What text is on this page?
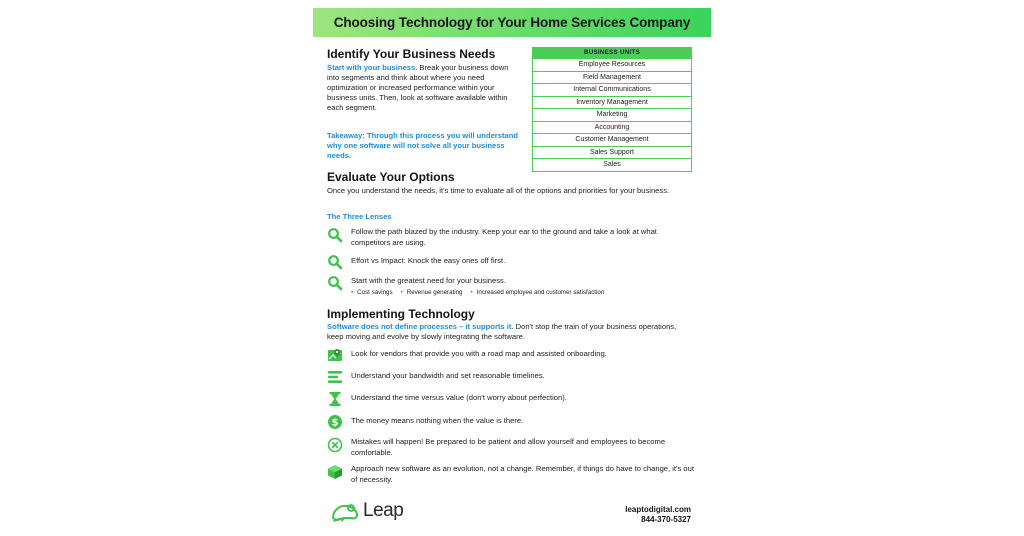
Choosing Technology for Your Home Services Company
Identify Your Business Needs
Start with your business. Break your business down into segments and think about where you need optimization or increased performance within your business units. Then, look at software available within each segment.
Takeaway: Through this process you will understand why one software will not solve all your business needs.
BUSINESS UNITS
Employee Resources
Field Management
Internal Communications
Inventory Management
Marketing
Accounting
Customer Management
Sales Support
Sales
Evaluate Your Options
Once you understand the needs, it's time to evaluate all of the options and priorities for your business.
The Three Lenses
Follow the path blazed by the industry. Keep your ear to the ground and take a look at what competitors are using.
Effort vs Impact: Knock the easy ones off first.
Start with the greatest need for your business.
• Cost savings	• Revenue generating	• Increased employee and customer satisfaction
Implementing Technology
Software does not define processes – it supports it. Don't stop the train of your business operations, keep moving and evolve by slowly integrating the software.
Look for vendors that provide you with a road map and assisted onboarding.
Understand your bandwidth and set reasonable timelines.
Understand the time versus value (don't worry about perfection).
$ The money means nothing when the value is there.
Mistakes will happen! Be prepared to be patient and allow yourself and employees to become comfortable.
Approach new software as an evolution, not a change. Remember, if things do have to change, it's out of necessity.
Leap	leaptodigital.com
844-370-5327
